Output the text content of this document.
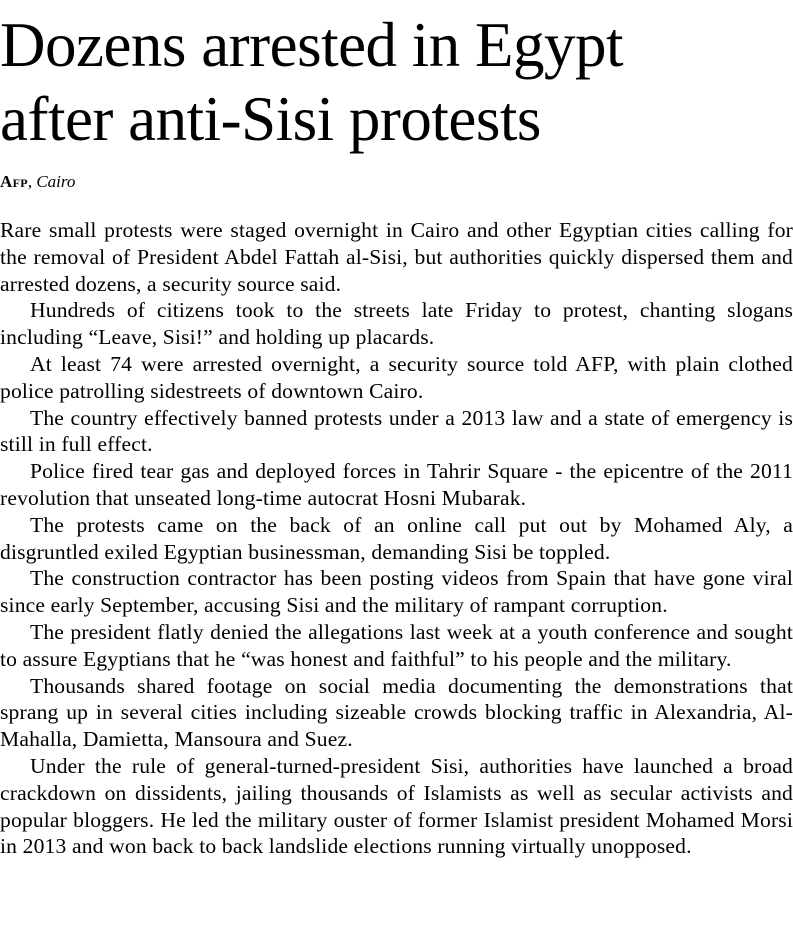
Dozens arrested in Egypt
after anti-Sisi protests
Afp, Cairo

Rare small protests were staged overnight in Cairo and other Egyptian cities calling for the removal of President Abdel Fattah al-Sisi, but authorities quickly dispersed them and arrested dozens, a security source said.

Hundreds of citizens took to the streets late Friday to protest, chanting slogans including “Leave, Sisi!” and holding up placards.

At least 74 were arrested overnight, a security source told AFP, with plain clothed police patrolling sidestreets of downtown Cairo.

The country effectively banned protests under a 2013 law and a state of emergency is still in full effect.

Police fired tear gas and deployed forces in Tahrir Square - the epicentre of the 2011 revolution that unseated long-time autocrat Hosni Mubarak.

The protests came on the back of an online call put out by Mohamed Aly, a disgruntled exiled Egyptian businessman, demanding Sisi be toppled.

The construction contractor has been posting videos from Spain that have gone viral since early September, accusing Sisi and the military of rampant corruption.

The president flatly denied the allegations last week at a youth conference and sought to assure Egyptians that he “was honest and faithful” to his people and the military.

Thousands shared footage on social media documenting the demonstrations that sprang up in several cities including sizeable crowds blocking traffic in Alexandria, Al-Mahalla, Damietta, Mansoura and Suez.

Under the rule of general-turned-president Sisi, authorities have launched a broad crackdown on dissidents, jailing thousands of Islamists as well as secular activists and popular bloggers. He led the military ouster of former Islamist president Mohamed Morsi in 2013 and won back to back landslide elections running virtually unopposed.
